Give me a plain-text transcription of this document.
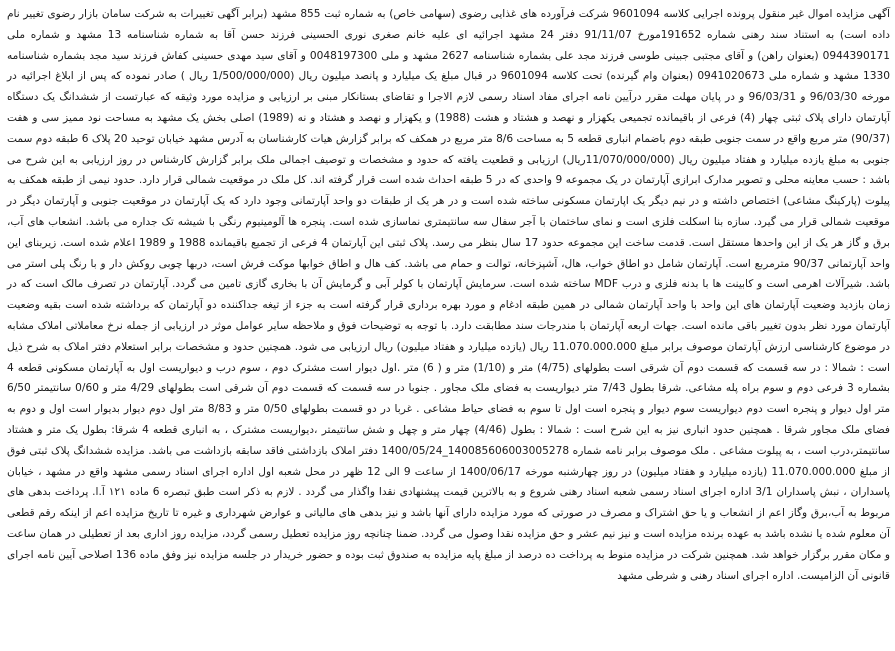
آگهی مزایده اموال غیر منقول پرونده اجرایی کلاسه 9601094 شرکت فرآورده های غذایی رضوی (سهامی خاص) به شماره ثبت 855 مشهد (برابر آگهی تغییرات به شرکت سامان بازار رضوی تغییر نام داده است) به استناد سند رهنی شماره 191652مورخ 91/11/07 دفتر 24 مشهد اجرائیه ای علیه خانم صغری نوری الحسینی فرزند حسن آقا به شماره شناسنامه 13 مشهد و شماره ملی 0944390171 (بعنوان راهن) و آقای مجتبی جبینی طوسی فرزند مجد علی بشماره شناسنامه 2627 مشهد و ملی 0048197300 و آقای سید مهدی حسینی کفاش فرزند سید مجد بشماره شناسنامه 1330 مشهد و شماره ملی 0941020673 (بعنوان وام گیرنده) تحت کلاسه 9601094 در قبال مبلغ یک میلیارد و پانصد میلیون ریال (1/500/000/000 ریال ) صادر نموده که پس از ابلاغ اجرائیه در مورخه 96/03/30 و 96/03/31 و در پایان مهلت مقرر درآیین نامه اجرای مفاد اسناد رسمی لازم الاجرا و تقاضای بستانکار مبنی بر ارزیابی و مزایده مورد وثیقه که عبارتست از ششدانگ یک دستگاه آپارتمان دارای پلاک ثبتی چهار (4) فرعی از باقیمانده تجمیعی یکهزار و نهصد و هشتاد و هشت (1988) و یکهزار و نهصد و هشتاد و نه (1989) اصلی بخش یک مشهد به مساحت نود ممیز سی و هفت (90/37) متر مربع واقع در سمت جنوبی طبقه دوم باضمام انباری قطعه 5 به مساحت 8/6 متر مربع در همکف که برابر گزارش هیات کارشناسان به آدرس مشهد خیابان توحید 20 پلاک 6 طبقه دوم سمت جنوبی به مبلغ یازده میلیارد و هفتاد میلیون ریال (11/070/000/000ریال) ارزیابی و قطعیت یافته که حدود و مشخصات و توصیف اجمالی ملک برابر گزارش کارشناس در روز ارزیابی به این شرح می باشد : حسب معاینه محلی و تصویر مدارک ابرازی آپارتمان در یک مجموعه 9 واحدی که در 5 طبقه احداث شده است قرار گرفته اند. کل ملک در موقعیت شمالی قرار دارد. حدود نیمی از طبقه همکف به پیلوت (پارکینگ مشاعی) اختصاص داشته و در نیم دیگر یک اپارتمان مسکونی ساخته شده است و در هر یک از طبقات دو واحد آپارتمانی وجود دارد که یک آپارتمان در موقعیت جنوبی و آپارتمان دیگر در موقعیت شمالی قرار می گیرد. سازه بنا اسکلت فلزی است و نمای ساختمان با آجر سفال سه سانتیمتری نماسازی شده است. پنجره ها آلومینیوم رنگی با شیشه تک جداره می باشد. انشعاب های آب، برق و گاز هر یک از این واحدها مستقل است. قدمت ساخت این مجموعه حدود 17 سال بنظر می رسد. پلاک ثبتی این آپارتمان 4 فرعی از تجمیع باقیمانده 1988 و 1989 اعلام شده است. زیربنای این واحد آپارتمانی 90/37 مترمربع است. آپارتمان شامل دو اطاق خواب، هال، آشپزخانه، توالت و حمام می باشد. کف هال و اطاق خوابها موکت فرش است، دربها چوبی روکش دار و با رنگ پلی استر می باشد. شیرآلات اهرمی است و کابینت ها با بدنه فلزی و درب MDF ساخته شده است. سرمایش آپارتمان با کولر آبی و گرمایش آن با بخاری گازی تامین می گردد. آپارتمان در تصرف مالک است که در زمان بازدید وضعیت آپارتمان های این واحد با واحد آپارتمان شمالی در همین طبقه ادغام و مورد بهره برداری قرار گرفته است به جزء از تیغه جداکننده دو آپارتمان که برداشته شده است بقیه وضعیت آپارتمان مورد نظر بدون تغییر باقی مانده است. جهات اربعه آپارتمان با مندرجات سند مطابقت دارد. با توجه به توضیحات فوق و ملاحظه سایر عوامل موثر در ارزیابی از جمله نرخ معاملاتی املاک مشابه در موضوع کارشناسی ارزش آپارتمان موصوف برابر مبلغ 11.070.000.000 ریال (یازده میلیارد و هفتاد میلیون) ریال ارزیابی می شود. همچنین حدود و مشخصات برابر استعلام دفتر املاک به شرح ذیل است : شمالا : در سه قسمت که قسمت دوم آن شرقی است بطولهای (4/75) متر و (1/10) متر و ( 6) متر .اول دیوار است مشترک دوم ، سوم درب و دیواریست اول به آپارتمان مسکونی قطعه 4 بشماره 3 فرعی دوم و سوم براه پله مشاعی. شرقا بطول 7/43 متر دیواریست به فضای ملک مجاور . جنوبا در سه قسمت که قسمت دوم آن شرقی است بطولهای 4/29 متر و 0/60 سانتیمتر 6/50 متر اول دیوار و پنجره است دوم دیواریست سوم دیوار و پنجره است اول تا سوم به فضای حیاط مشاعی . غربا در دو قسمت بطولهای 0/50 متر و 8/83 متر اول دوم دیوار بدیوار است اول و دوم به فضای ملک مجاور شرقا . همچنین حدود انباری نیز به این شرح است : شمالا : بطول (4/46) چهار متر و چهل و شش سانتیمتر ،دیواریست مشترک ، به انباری قطعه 4 شرقا: بطول یک متر و هشتاد سانتیمتر،درب است ، به پیلوت مشاعی . ملک موصوف برابر نامه شماره 140085606003005278_1400/05/24 دفتر املاک بازداشتی فاقد سابقه بازداشت می باشد. مزایده ششدانگ پلاک ثبتی فوق از مبلغ 11.070.000.000 (یازده میلیارد و هفتاد میلیون) در روز چهارشنبه مورخه 1400/06/17 از ساعت 9 الی 12 ظهر در محل شعبه اول اداره اجرای اسناد رسمی مشهد واقع در مشهد ، خیابان پاسداران ، نبش پاسداران 3/1 اداره اجرای اسناد رسمی شعبه اسناد رهنی شروع و به بالاترین قیمت پیشنهادی نقدا واگذار می گردد . لازم به ذکر است طبق تبصره 6 ماده ۱۲۱ آ.ا. پرداخت بدهی های مربوط به آب،برق وگاز اعم از انشعاب و یا حق اشتراک و مصرف در صورتی که مورد مزایده دارای آنها باشد و نیز بدهی های مالیاتی و عوارض شهرداری و غیره تا تاریخ مزایده اعم از اینکه رقم قطعی آن معلوم شده یا نشده باشد به عهده برنده مزایده است و نیز نیم عشر و حق مزایده نقدا وصول می گردد. ضمنا چنانچه روز مزایده تعطیل رسمی گردد، مزایده روز اداری بعد از تعطیلی در همان ساعت و مکان مقرر برگزار خواهد شد. همچنین شرکت در مزایده منوط به پرداخت ده درصد از مبلغ پایه مزایده به صندوق ثبت بوده و حضور خریدار در جلسه مزایده نیز وفق ماده 136 اصلاحی آیین نامه اجرای قانونی آن الزامیست. اداره اجرای اسناد رهنی و شرطی مشهد
